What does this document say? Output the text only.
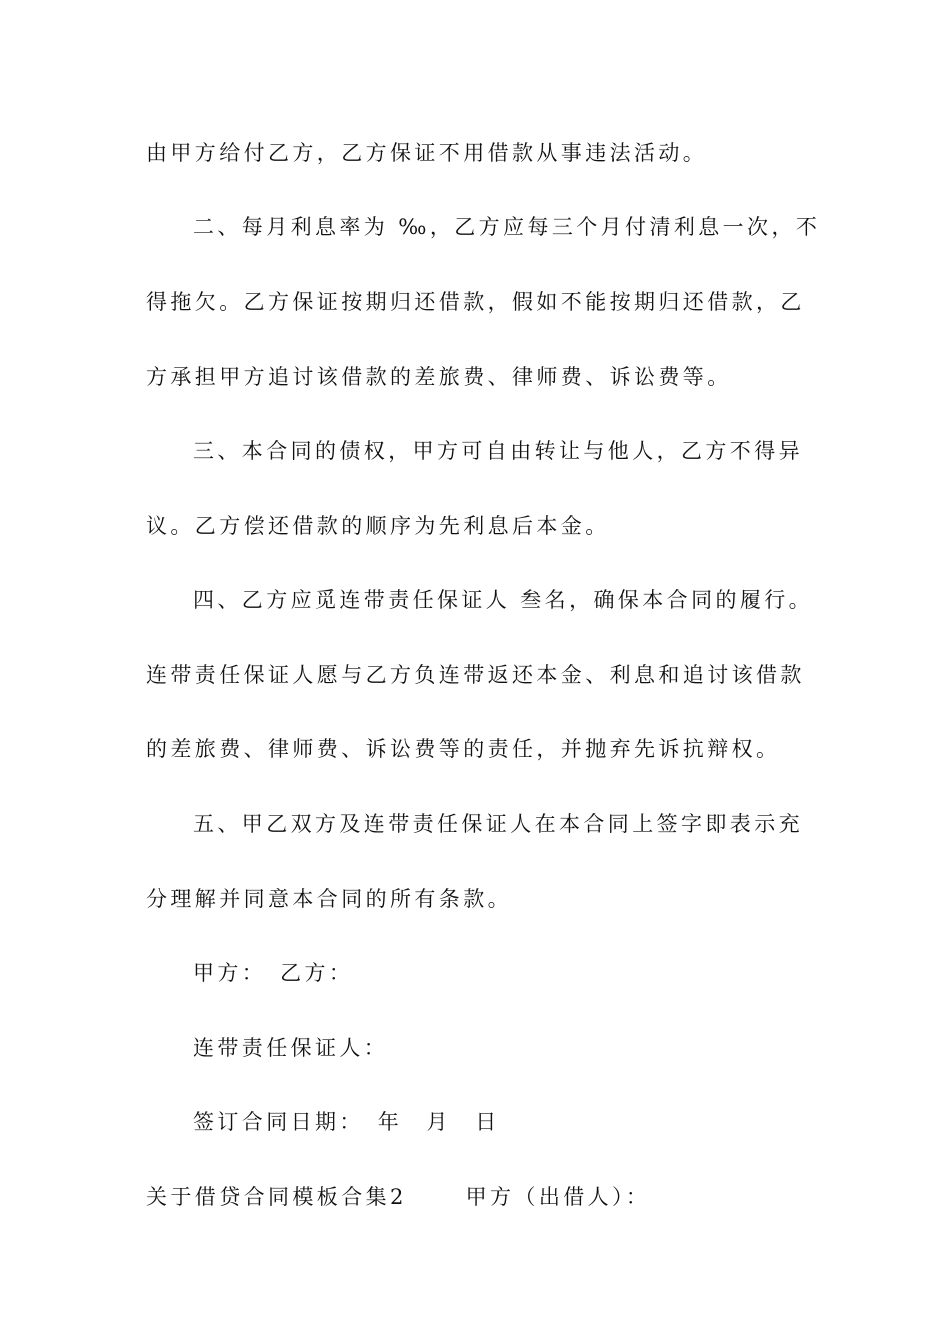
由甲方给付乙方，乙方保证不用借款从事违法活动。
二、每月利息率为 ‰，乙方应每三个月付清利息一次，不
得拖欠。乙方保证按期归还借款，假如不能按期归还借款，乙
方承担甲方追讨该借款的差旅费、律师费、诉讼费等。
三、本合同的债权，甲方可自由转让与他人，乙方不得异
议。乙方偿还借款的顺序为先利息后本金。
四、乙方应觅连带责任保证人 叁名，确保本合同的履行。
连带责任保证人愿与乙方负连带返还本金、利息和追讨该借款
的差旅费、律师费、诉讼费等的责任，并抛弃先诉抗辩权。
五、甲乙双方及连带责任保证人在本合同上签字即表示充
分理解并同意本合同的所有条款。
甲方：　乙方：
连带责任保证人：
签订合同日期：　年　月　日
关于借贷合同模板合集2　　 甲方（出借人）：
